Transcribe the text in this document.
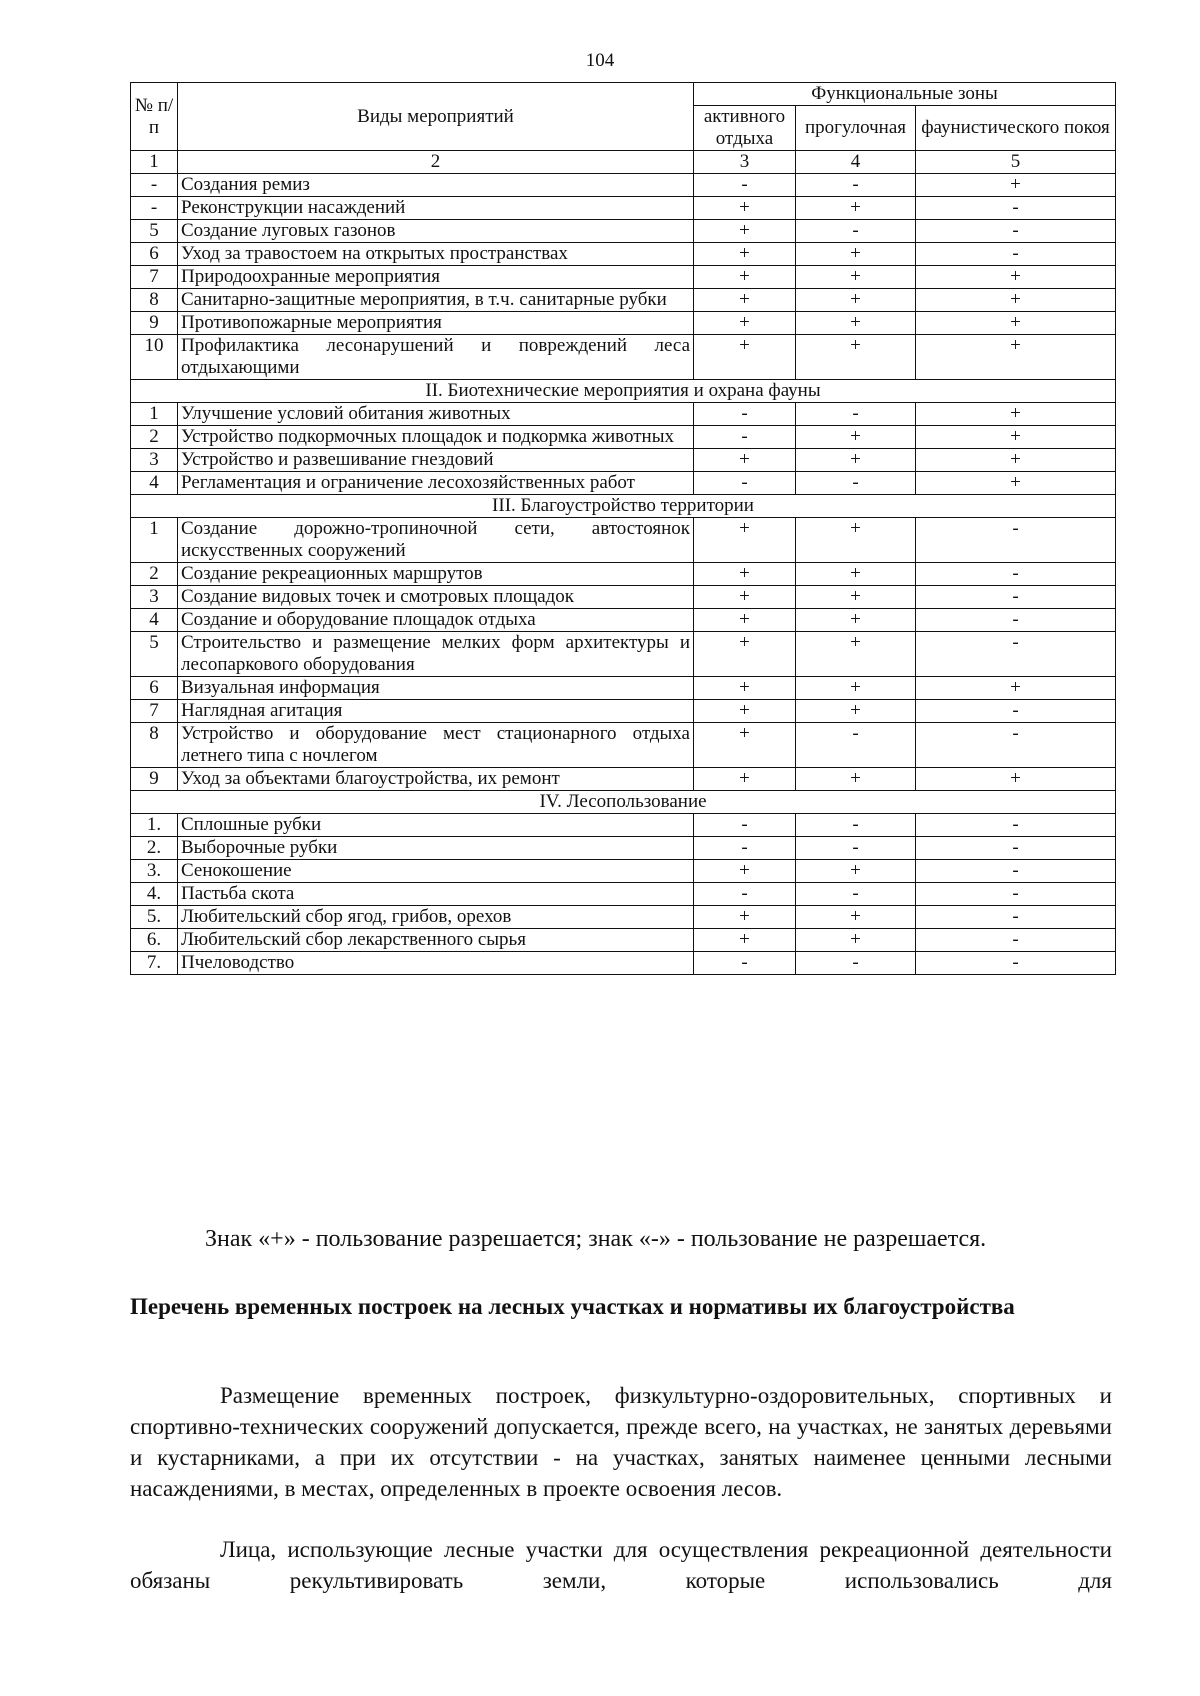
104
№ п/п	Виды мероприятий	Функциональные зоны		
		активного отдыха	прогулочная	фаунистического покоя
1	2	3	4	5
-	Создания ремиз	-	-	+
-	Реконструкции насаждений	+	+	-
5	Создание луговых газонов	+	-	-
6	Уход за травостоем на открытых пространствах	+	+	-
7	Природоохранные мероприятия	+	+	+
8	Санитарно-защитные мероприятия, в т.ч. санитарные рубки	+	+	+
9	Противопожарные мероприятия	+	+	+
10	Профилактика лесонарушений и повреждений леса отдыхающими	+	+	+
II. Биотехнические мероприятия и охрана фауны				
1	Улучшение условий обитания животных	-	-	+
2	Устройство подкормочных площадок и подкормка животных	-	+	+
3	Устройство и развешивание гнездовий	+	+	+
4	Регламентация и ограничение лесохозяйственных работ	-	-	+
III. Благоустройство территории				
1	Создание дорожно-тропиночной сети, автостоянок искусственных сооружений	+	+	-
2	Создание рекреационных маршрутов	+	+	-
3	Создание видовых точек и смотровых площадок	+	+	-
4	Создание и оборудование площадок отдыха	+	+	-
5	Строительство и размещение мелких форм архитектуры и лесопаркового оборудования	+	+	-
6	Визуальная информация	+	+	+
7	Наглядная агитация	+	+	-
8	Устройство и оборудование мест стационарного отдыха летнего типа с ночлегом	+	-	-
9	Уход за объектами благоустройства, их ремонт	+	+	+
IV. Лесопользование				
1.	Сплошные рубки	-	-	-
2.	Выборочные рубки	-	-	-
3.	Сенокошение	+	+	-
4.	Пастьба скота	-	-	-
5.	Любительский сбор ягод, грибов, орехов	+	+	-
6.	Любительский сбор лекарственного сырья	+	+	-
7.	Пчеловодство	-	-	-
Знак «+» - пользование разрешается; знак «-» - пользование не разрешается.
Перечень временных построек на лесных участках и нормативы их благоустройства

Размещение временных построек, физкультурно-оздоровительных, спортивных и спортивно-технических сооружений допускается, прежде всего, на участках, не занятых деревьями и кустарниками, а при их отсутствии - на участках, занятых наименее ценными лесными насаждениями, в местах, определенных в проекте освоения лесов.

Лица, использующие лесные участки для осуществления рекреационной деятельности обязаны рекультивировать земли, которые использовались для
